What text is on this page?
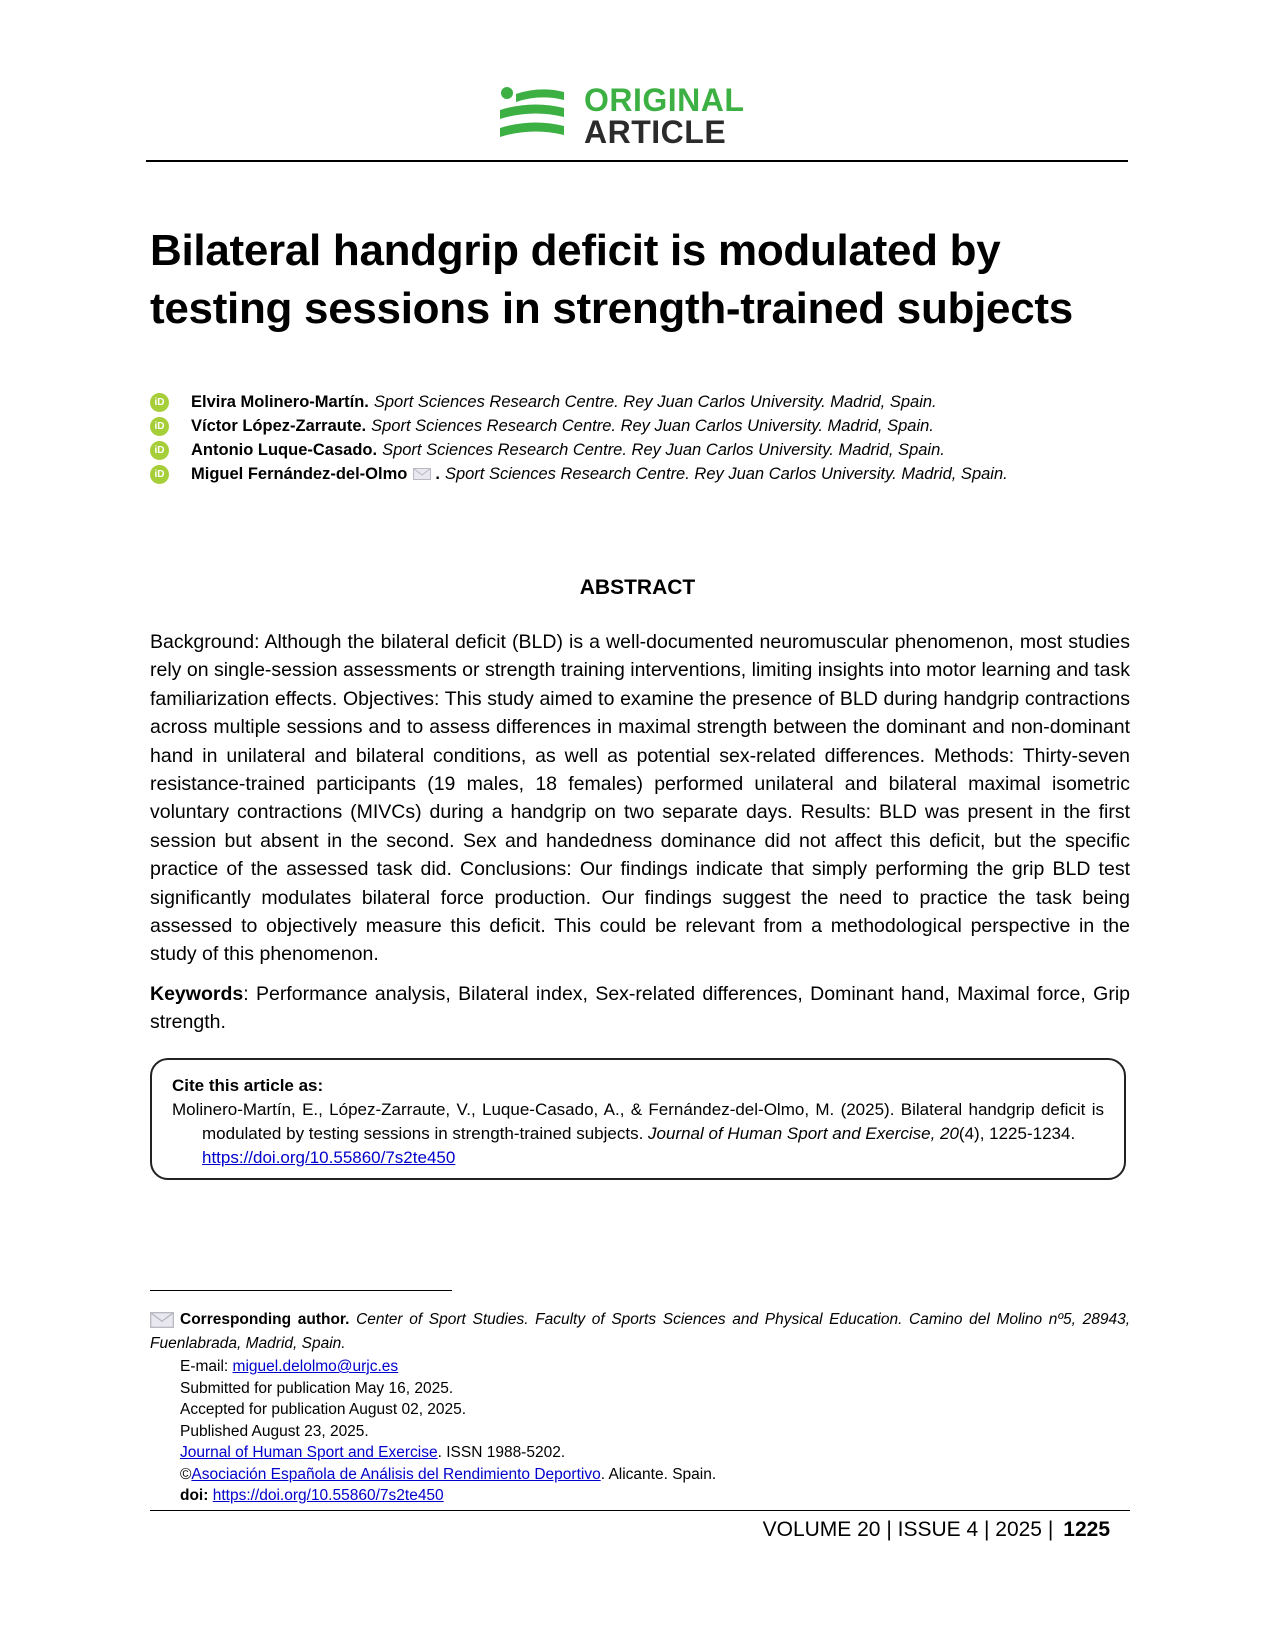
ORIGINAL
ARTICLE
Bilateral handgrip deficit is modulated by testing sessions in strength-trained subjects
iD Elvira Molinero-Martín. Sport Sciences Research Centre. Rey Juan Carlos University. Madrid, Spain.
iD Víctor López-Zarraute. Sport Sciences Research Centre. Rey Juan Carlos University. Madrid, Spain.
iD Antonio Luque-Casado. Sport Sciences Research Centre. Rey Juan Carlos University. Madrid, Spain.
iD Miguel Fernández-del-Olmo . Sport Sciences Research Centre. Rey Juan Carlos University. Madrid, Spain.
ABSTRACT

Background: Although the bilateral deficit (BLD) is a well-documented neuromuscular phenomenon, most studies rely on single-session assessments or strength training interventions, limiting insights into motor learning and task familiarization effects. Objectives: This study aimed to examine the presence of BLD during handgrip contractions across multiple sessions and to assess differences in maximal strength between the dominant and non-dominant hand in unilateral and bilateral conditions, as well as potential sex-related differences. Methods: Thirty-seven resistance-trained participants (19 males, 18 females) performed unilateral and bilateral maximal isometric voluntary contractions (MIVCs) during a handgrip on two separate days. Results: BLD was present in the first session but absent in the second. Sex and handedness dominance did not affect this deficit, but the specific practice of the assessed task did. Conclusions: Our findings indicate that simply performing the grip BLD test significantly modulates bilateral force production. Our findings suggest the need to practice the task being assessed to objectively measure this deficit. This could be relevant from a methodological perspective in the study of this phenomenon.

Keywords: Performance analysis, Bilateral index, Sex-related differences, Dominant hand, Maximal force, Grip strength.

Cite this article as:
Molinero-Martín, E., López-Zarraute, V., Luque-Casado, A., & Fernández-del-Olmo, M. (2025). Bilateral handgrip deficit is modulated by testing sessions in strength-trained subjects. Journal of Human Sport and Exercise, 20(4), 1225-1234.
https://doi.org/10.55860/7s2te450
Corresponding author. Center of Sport Studies. Faculty of Sports Sciences and Physical Education. Camino del Molino nº5, 28943, Fuenlabrada, Madrid, Spain.
E-mail: miguel.delolmo@urjc.es
Submitted for publication May 16, 2025.
Accepted for publication August 02, 2025.
Published August 23, 2025.
Journal of Human Sport and Exercise. ISSN 1988-5202.
©Asociación Española de Análisis del Rendimiento Deportivo. Alicante. Spain.
doi: https://doi.org/10.55860/7s2te450
VOLUME 20 | ISSUE 4 | 2025 | 1225
